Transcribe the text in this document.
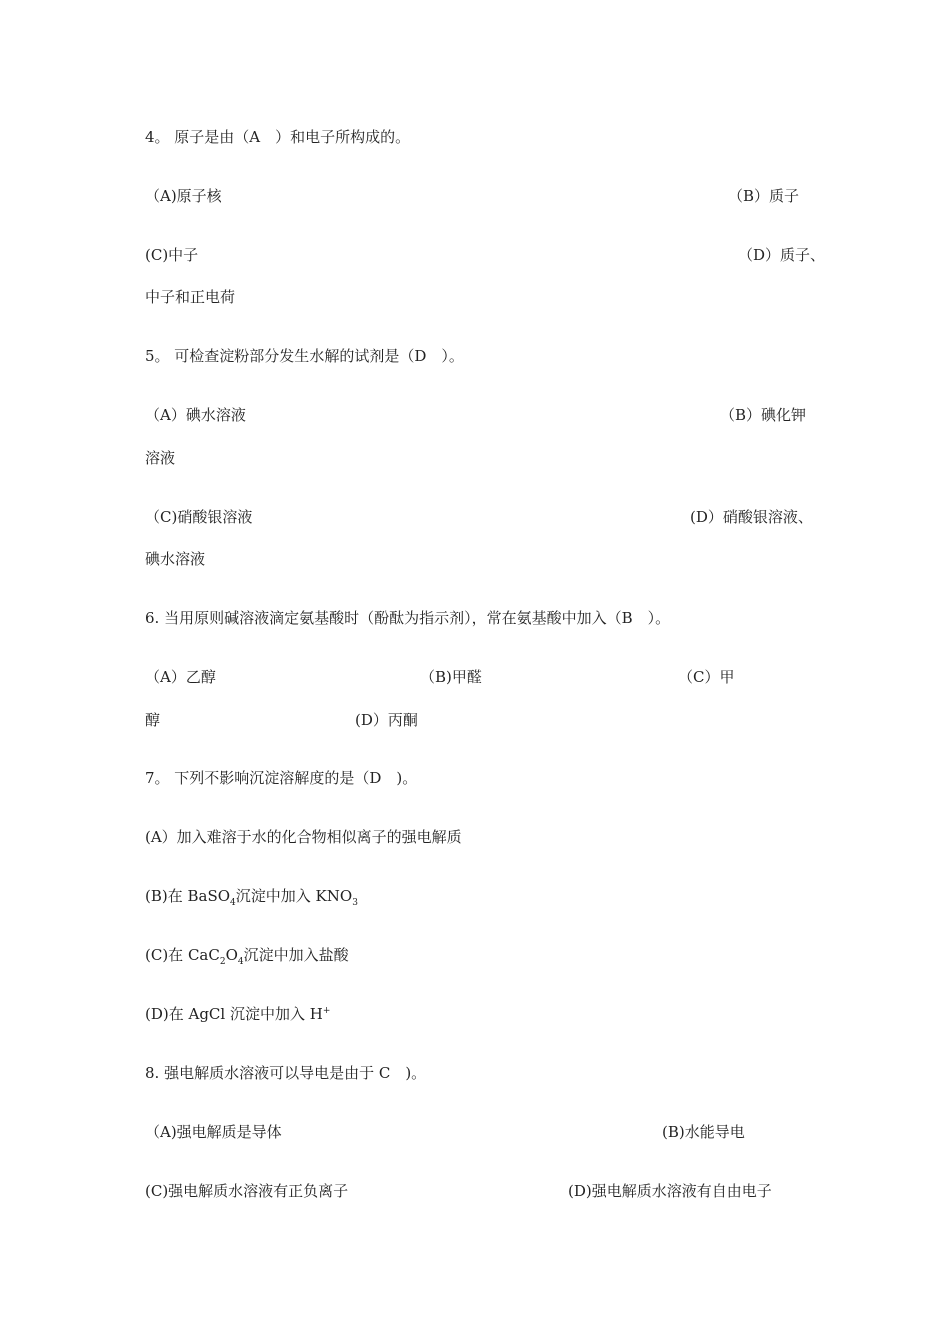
4。 原子是由（A　）和电子所构成的。
（A)原子核	（B）质子
(C)中子	（D）质子、
中子和正电荷
5。 可检查淀粉部分发生水解的试剂是（D　）。
（A）碘水溶液	（B）碘化钾
溶液
（C)硝酸银溶液	(D）硝酸银溶液、
碘水溶液
6. 当用原则碱溶液滴定氨基酸时（酚酞为指示剂），常在氨基酸中加入（B　）。
（A）乙醇	（B)甲醛	（C）甲
醇	(D）丙酮
7。 下列不影响沉淀溶解度的是（D　)。
(A）加入难溶于水的化合物相似离子的强电解质
(B)在 BaSO$_4$沉淀中加入 $KNO_3$
(C)在 $CaC_2O_4$沉淀中加入盐酸
(D)在 AgCl 沉淀中加入 H+
8. 强电解质水溶液可以导电是由于 C　)。
（A)强电解质是导体	(B)水能导电
(C)强电解质水溶液有正负离子	(D)强电解质水溶液有自由电子
